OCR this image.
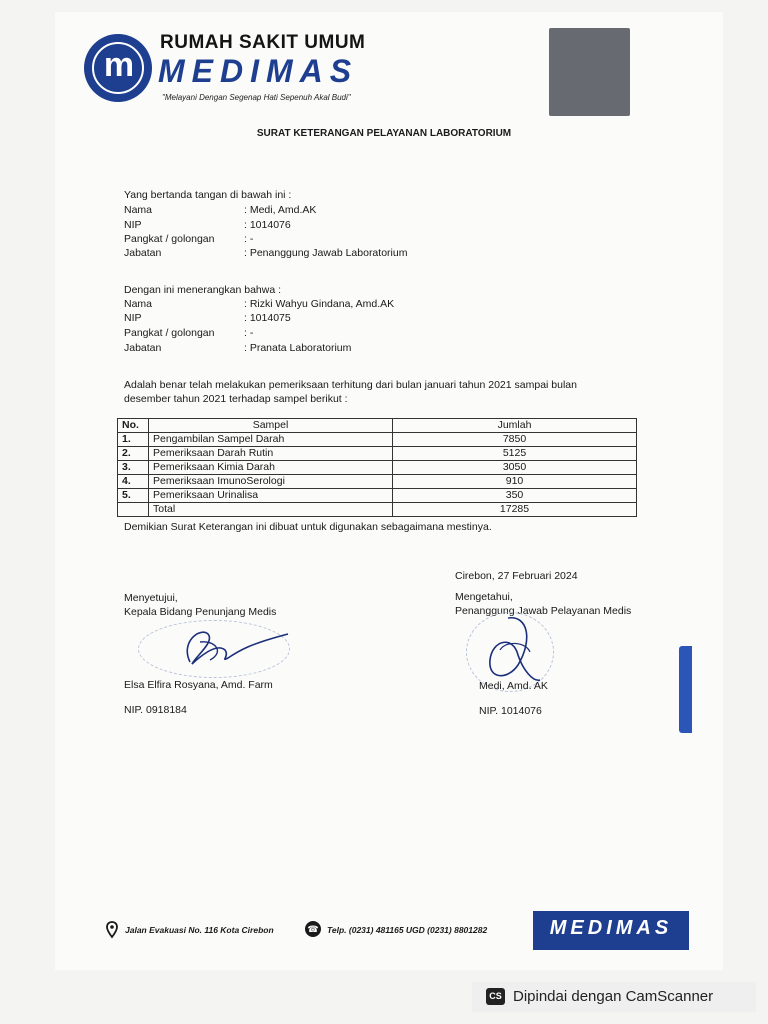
m
RUMAH SAKIT UMUM
MEDIMAS
"Melayani Dengan Segenap Hati Sepenuh Akal Budi"
SURAT KETERANGAN PELAYANAN LABORATORIUM
Yang bertanda tangan di bawah ini :
Nama	: Medi, Amd.AK
NIP	: 1014076
Pangkat / golongan	: -
Jabatan	: Penanggung Jawab Laboratorium
Dengan ini menerangkan bahwa :
Nama	: Rizki Wahyu Gindana, Amd.AK
NIP	: 1014075
Pangkat / golongan	: -
Jabatan	: Pranata Laboratorium
Adalah benar telah melakukan pemeriksaan terhitung dari bulan januari tahun 2021 sampai bulan
desember tahun 2021 terhadap sampel berikut :
No.	Sampel	Jumlah
1.	Pengambilan Sampel Darah	7850
2.	Pemeriksaan Darah Rutin	5125
3.	Pemeriksaan Kimia Darah	3050
4.	Pemeriksaan ImunoSerologi	910
5.	Pemeriksaan Urinalisa	350
	Total	17285
Demikian Surat Keterangan ini dibuat untuk digunakan sebagaimana mestinya.
Cirebon, 27 Februari 2024
Menyetujui,
Kepala Bidang Penunjang Medis
Elsa Elfira Rosyana, Amd. Farm
NIP. 0918184
Mengetahui,
Penanggung Jawab Pelayanan Medis
Medi, Amd. AK
NIP. 1014076
Jalan Evakuasi No. 116 Kota Cirebon	☎ Telp. (0231) 481165 UGD (0231) 8801282	MEDIMAS
CS Dipindai dengan CamScanner
